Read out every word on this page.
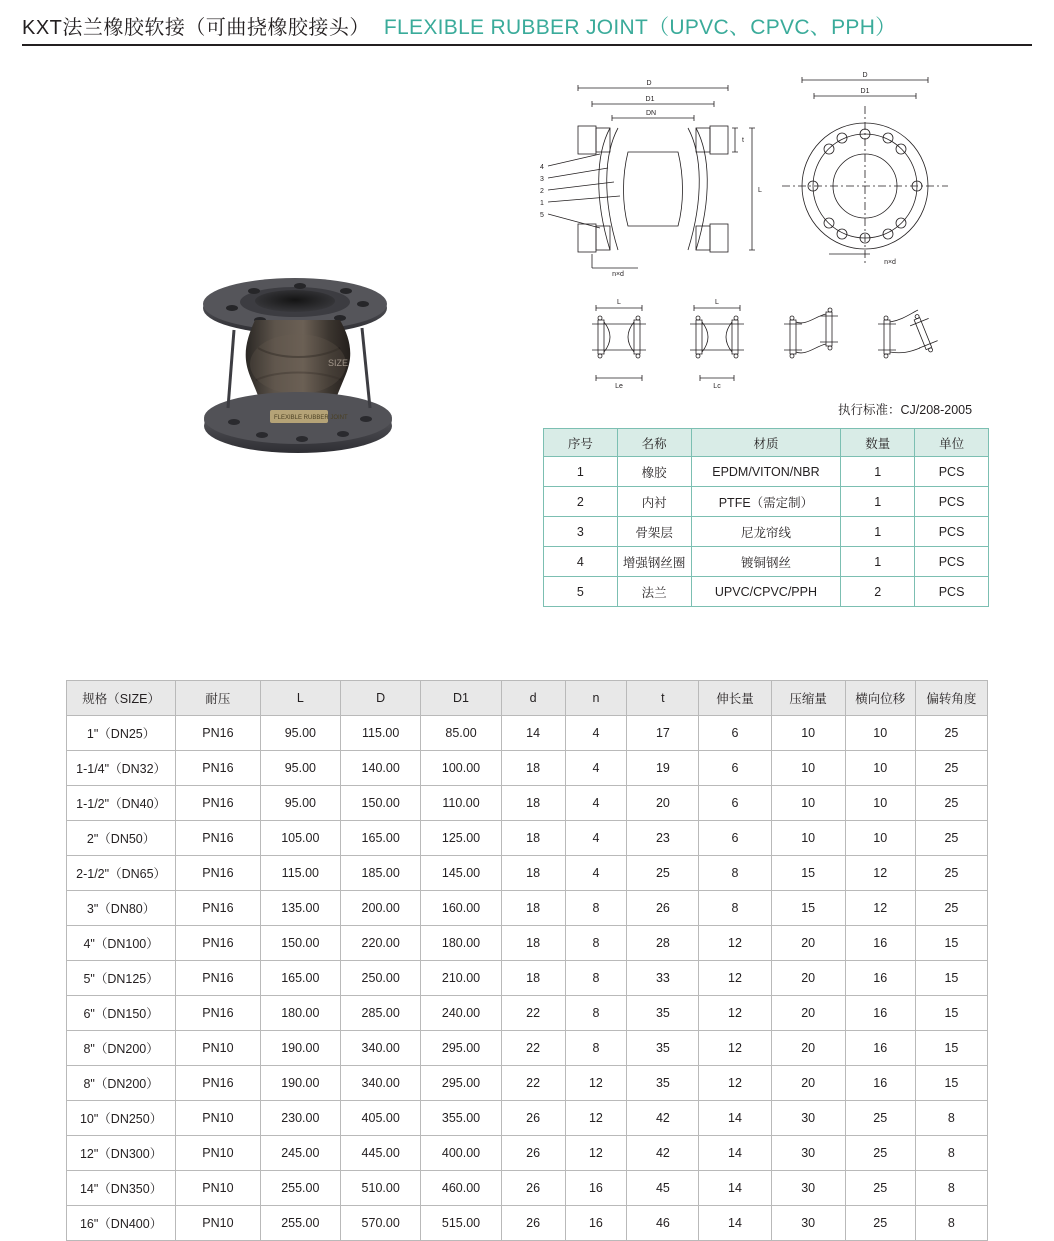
KXT法兰橡胶软接（可曲挠橡胶接头） FLEXIBLE RUBBER JOINT（UPVC、CPVC、PPH）
SIZE
FLEXIBLE RUBBER JOINT
D
D1
DN
t
L
4
3
2
1
5
n×d
D
D1
n×d
L
Le
L
Lc
执行标准：CJ/208-2005
序号	名称	材质	数量	单位
1	橡胶	EPDM/VITON/NBR	1	PCS
2	内衬	PTFE（需定制）	1	PCS
3	骨架层	尼龙帘线	1	PCS
4	增强钢丝圈	镀铜钢丝	1	PCS
5	法兰	UPVC/CPVC/PPH	2	PCS
规格（SIZE）	耐压	L	D	D1	d	n	t	伸长量	压缩量	横向位移	偏转角度
1"（DN25）	PN16	95.00	115.00	85.00	14	4	17	6	10	10	25
1-1/4"（DN32）	PN16	95.00	140.00	100.00	18	4	19	6	10	10	25
1-1/2"（DN40）	PN16	95.00	150.00	110.00	18	4	20	6	10	10	25
2"（DN50）	PN16	105.00	165.00	125.00	18	4	23	6	10	10	25
2-1/2"（DN65）	PN16	115.00	185.00	145.00	18	4	25	8	15	12	25
3"（DN80）	PN16	135.00	200.00	160.00	18	8	26	8	15	12	25
4"（DN100）	PN16	150.00	220.00	180.00	18	8	28	12	20	16	15
5"（DN125）	PN16	165.00	250.00	210.00	18	8	33	12	20	16	15
6"（DN150）	PN16	180.00	285.00	240.00	22	8	35	12	20	16	15
8"（DN200）	PN10	190.00	340.00	295.00	22	8	35	12	20	16	15
8"（DN200）	PN16	190.00	340.00	295.00	22	12	35	12	20	16	15
10"（DN250）	PN10	230.00	405.00	355.00	26	12	42	14	30	25	8
12"（DN300）	PN10	245.00	445.00	400.00	26	12	42	14	30	25	8
14"（DN350）	PN10	255.00	510.00	460.00	26	16	45	14	30	25	8
16"（DN400）	PN10	255.00	570.00	515.00	26	16	46	14	30	25	8
